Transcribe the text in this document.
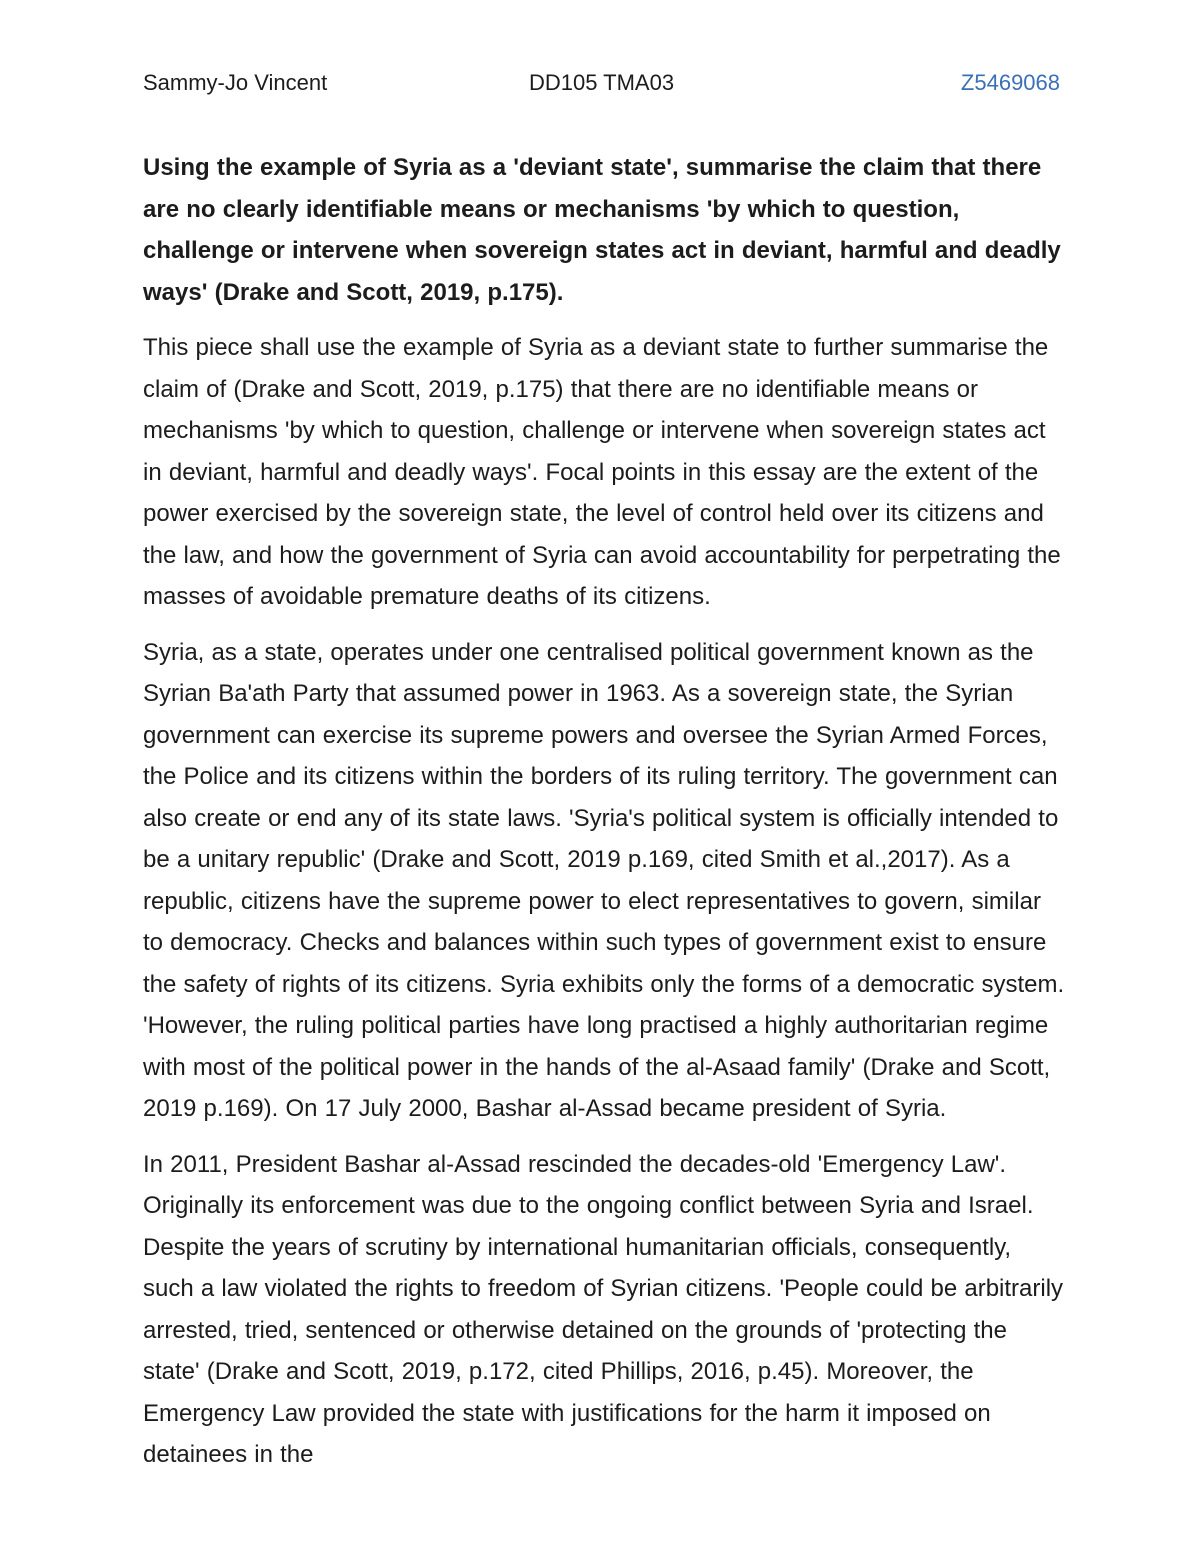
Sammy-Jo Vincent	DD105 TMA03	Z5469068

Using the example of Syria as a 'deviant state', summarise the claim that there are no clearly identifiable means or mechanisms 'by which to question, challenge or intervene when sovereign states act in deviant, harmful and deadly ways' (Drake and Scott, 2019, p.175).

This piece shall use the example of Syria as a deviant state to further summarise the claim of (Drake and Scott, 2019, p.175) that there are no identifiable means or mechanisms 'by which to question, challenge or intervene when sovereign states act in deviant, harmful and deadly ways'. Focal points in this essay are the extent of the power exercised by the sovereign state, the level of control held over its citizens and the law, and how the government of Syria can avoid accountability for perpetrating the masses of avoidable premature deaths of its citizens.

Syria, as a state, operates under one centralised political government known as the Syrian Ba'ath Party that assumed power in 1963. As a sovereign state, the Syrian government can exercise its supreme powers and oversee the Syrian Armed Forces, the Police and its citizens within the borders of its ruling territory. The government can also create or end any of its state laws. 'Syria's political system is officially intended to be a unitary republic' (Drake and Scott, 2019 p.169, cited Smith et al.,2017). As a republic, citizens have the supreme power to elect representatives to govern, similar to democracy. Checks and balances within such types of government exist to ensure the safety of rights of its citizens. Syria exhibits only the forms of a democratic system. 'However, the ruling political parties have long practised a highly authoritarian regime with most of the political power in the hands of the al-Asaad family' (Drake and Scott, 2019 p.169). On 17 July 2000, Bashar al-Assad became president of Syria.

In 2011, President Bashar al-Assad rescinded the decades-old 'Emergency Law'. Originally its enforcement was due to the ongoing conflict between Syria and Israel. Despite the years of scrutiny by international humanitarian officials, consequently, such a law violated the rights to freedom of Syrian citizens. 'People could be arbitrarily arrested, tried, sentenced or otherwise detained on the grounds of 'protecting the state' (Drake and Scott, 2019, p.172, cited Phillips, 2016, p.45). Moreover, the Emergency Law provided the state with justifications for the harm it imposed on detainees in the
